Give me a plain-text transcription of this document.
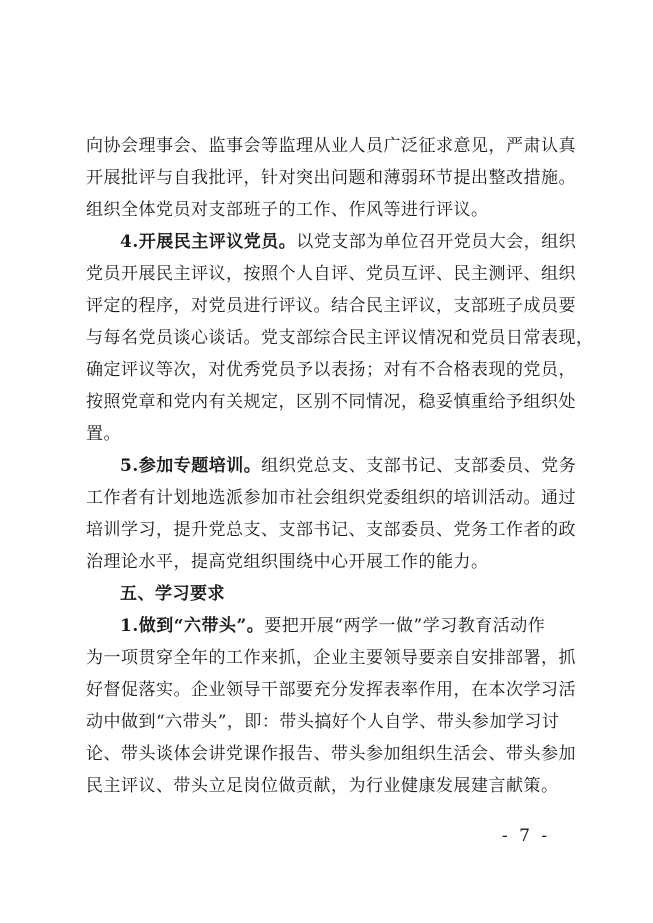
向协会理事会、监事会等监理从业人员广泛征求意见，严肃认真
开展批评与自我批评，针对突出问题和薄弱环节提出整改措施。
组织全体党员对支部班子的工作、作风等进行评议。
4.开展民主评议党员。以党支部为单位召开党员大会，组织
党员开展民主评议，按照个人自评、党员互评、民主测评、组织
评定的程序，对党员进行评议。结合民主评议，支部班子成员要
与每名党员谈心谈话。党支部综合民主评议情况和党员日常表现，
确定评议等次，对优秀党员予以表扬；对有不合格表现的党员，
按照党章和党内有关规定，区别不同情况，稳妥慎重给予组织处
置。
5.参加专题培训。组织党总支、支部书记、支部委员、党务
工作者有计划地选派参加市社会组织党委组织的培训活动。通过
培训学习，提升党总支、支部书记、支部委员、党务工作者的政
治理论水平，提高党组织围绕中心开展工作的能力。
五、学习要求
1.做到“六带头”。要把开展“两学一做”学习教育活动作
为一项贯穿全年的工作来抓，企业主要领导要亲自安排部署，抓
好督促落实。企业领导干部要充分发挥表率作用，在本次学习活
动中做到“六带头”，即：带头搞好个人自学、带头参加学习讨
论、带头谈体会讲党课作报告、带头参加组织生活会、带头参加
民主评议、带头立足岗位做贡献，为行业健康发展建言献策。
- 7 -
